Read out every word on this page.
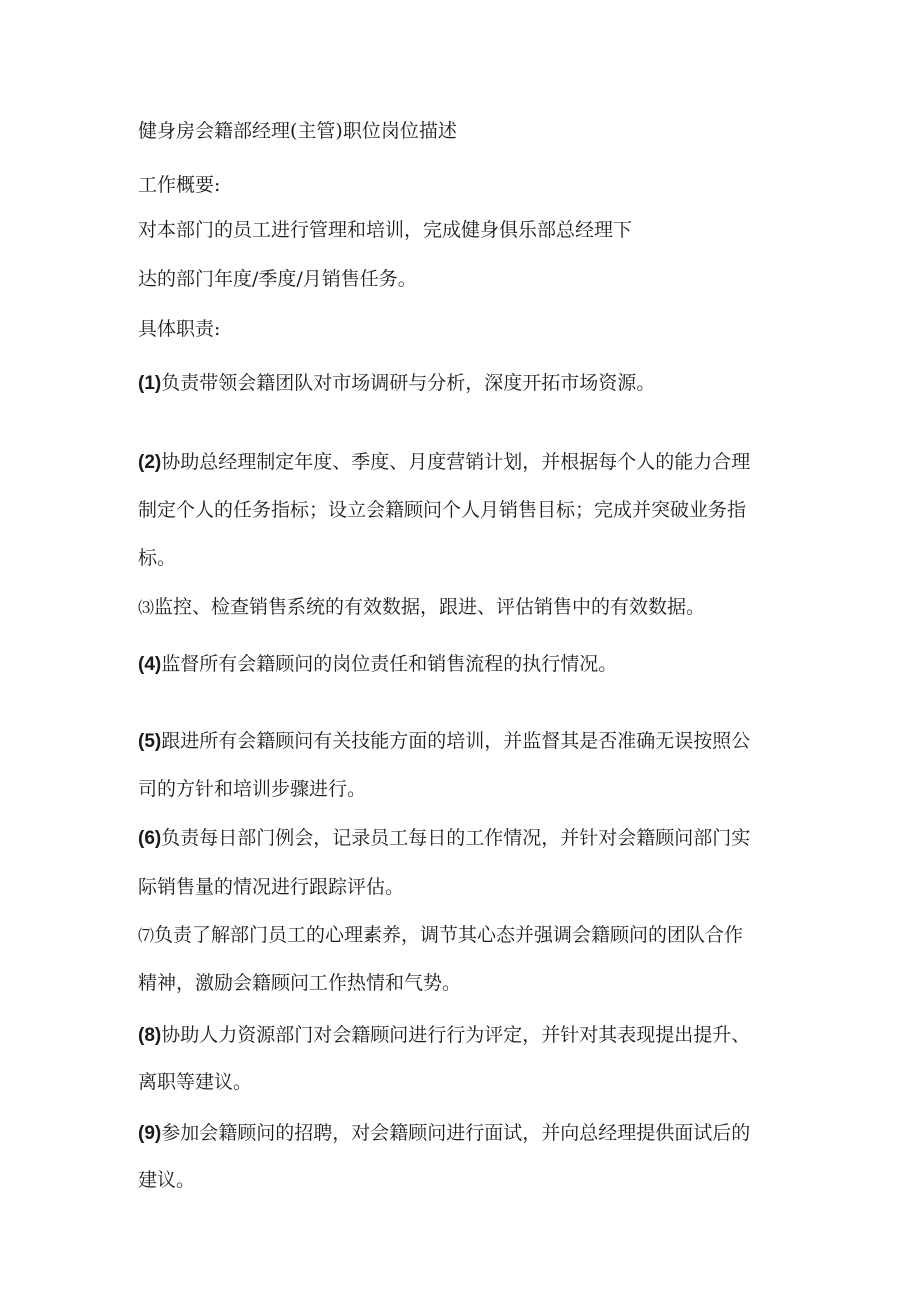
健身房会籍部经理(主管)职位岗位描述
工作概要:
对本部门的员工进行管理和培训，完成健身俱乐部总经理下
达的部门年度/季度/月销售任务。
具体职责:
(1)负责带领会籍团队对市场调研与分析，深度开拓市场资源。
(2)协助总经理制定年度、季度、月度营销计划，并根据每个人的能力合理
制定个人的任务指标；设立会籍顾问个人月销售目标；完成并突破业务指
标。
⑶监控、检查销售系统的有效数据，跟进、评估销售中的有效数据。
(4)监督所有会籍顾问的岗位责任和销售流程的执行情况。
(5)跟进所有会籍顾问有关技能方面的培训，并监督其是否准确无误按照公
司的方针和培训步骤进行。
(6)负责每日部门例会，记录员工每日的工作情况，并针对会籍顾问部门实
际销售量的情况进行跟踪评估。
⑺负责了解部门员工的心理素养，调节其心态并强调会籍顾问的团队合作
精神，激励会籍顾问工作热情和气势。
(8)协助人力资源部门对会籍顾问进行行为评定，并针对其表现提出提升、
离职等建议。
(9)参加会籍顾问的招聘，对会籍顾问进行面试，并向总经理提供面试后的
建议。
